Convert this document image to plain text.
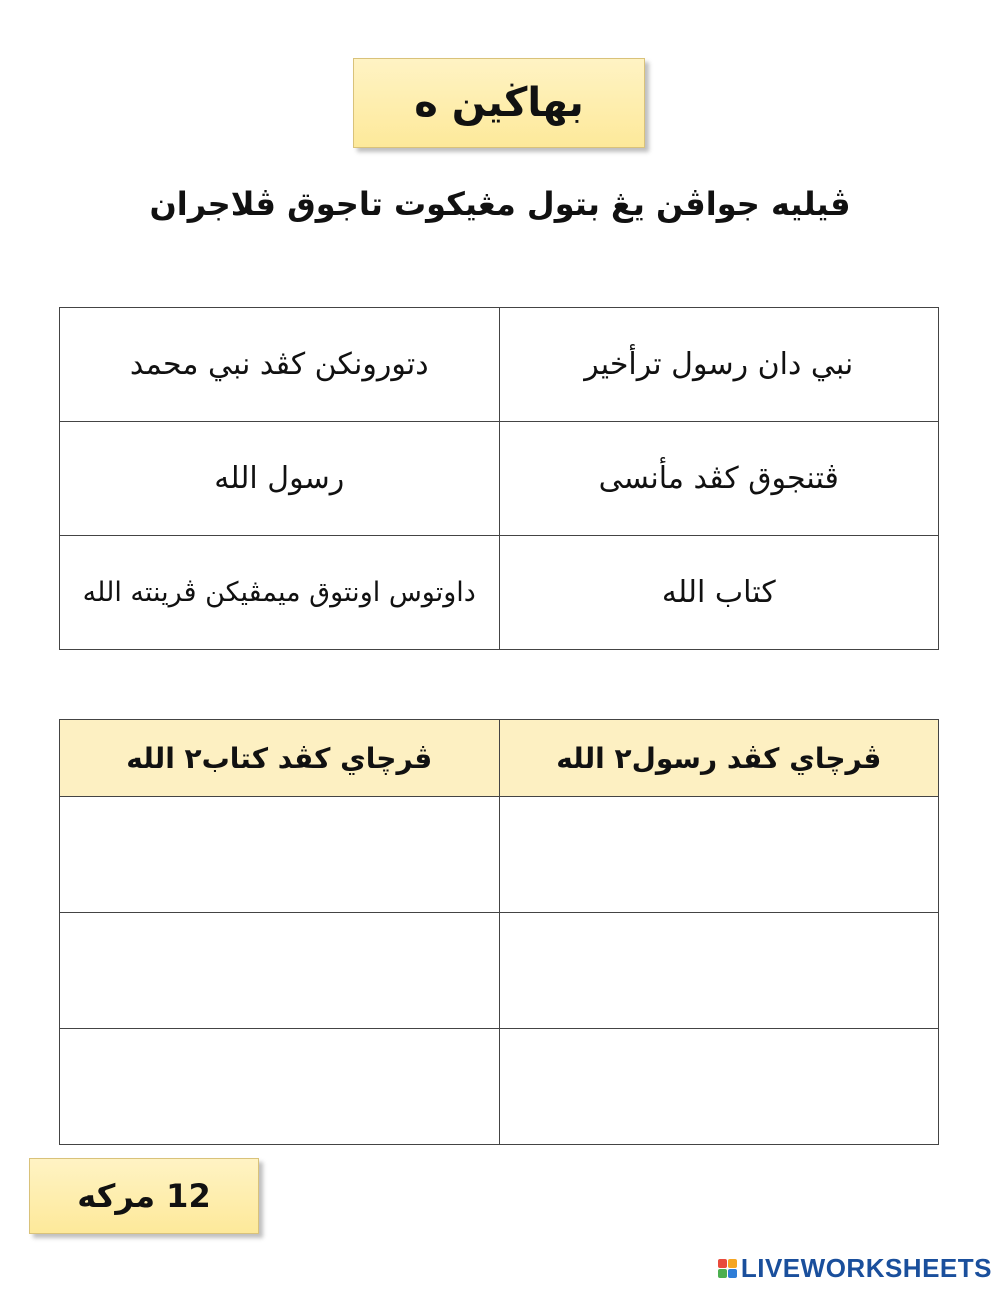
بهاڬين ه
ڤيليه جواڤن يڠ بتول مڠيكوت تاجوق ڤلاجران
دتورونكن كڤد نبي محمد	نبي دان رسول ترأخير
رسول الله	ڤتنجوق كڤد مأنسى
داوتوس اونتوق ميمڤيكن ڤرينته الله	كتاب الله
ڤرچاي كڤد كتاب٢ الله	ڤرچاي كڤد رسول٢ الله

12 مركه
LIVEWORKSHEETS
